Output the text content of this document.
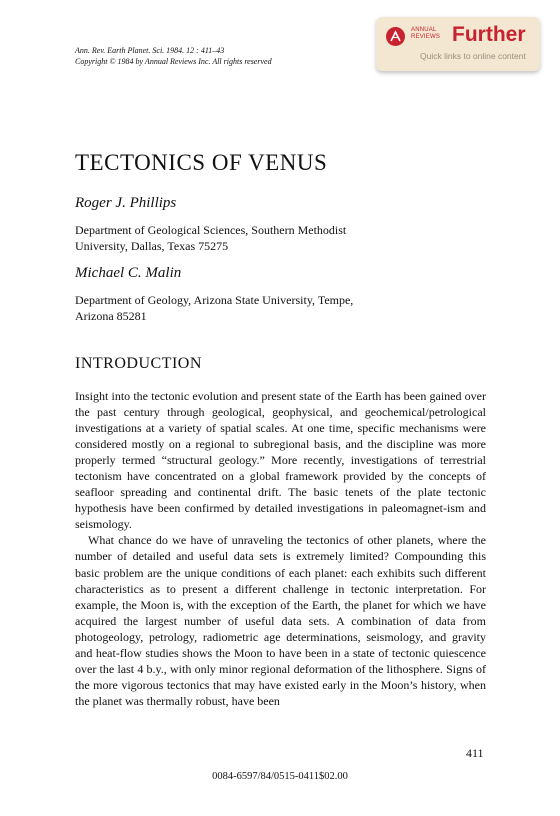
Ann. Rev. Earth Planet. Sci. 1984. 12 : 411–43
Copyright © 1984 by Annual Reviews Inc. All rights reserved
ANNUAL
REVIEWS Further
Quick links to online content
TECTONICS OF VENUS
Roger J. Phillips
Department of Geological Sciences, Southern Methodist
University, Dallas, Texas 75275
Michael C. Malin
Department of Geology, Arizona State University, Tempe,
Arizona 85281
INTRODUCTION

Insight into the tectonic evolution and present state of the Earth has been gained over the past century through geological, geophysical, and geochemical/petrological investigations at a variety of spatial scales. At one time, specific mechanisms were considered mostly on a regional to subregional basis, and the discipline was more properly termed “structural geology.” More recently, investigations of terrestrial tectonism have concentrated on a global framework provided by the concepts of seafloor spreading and continental drift. The basic tenets of the plate tectonic hypothesis have been confirmed by detailed investigations in paleomagnet-ism and seismology.

What chance do we have of unraveling the tectonics of other planets, where the number of detailed and useful data sets is extremely limited? Compounding this basic problem are the unique conditions of each planet: each exhibits such different characteristics as to present a different challenge in tectonic interpretation. For example, the Moon is, with the exception of the Earth, the planet for which we have acquired the largest number of useful data sets. A combination of data from photogeology, petrology, radiometric age determinations, seismology, and gravity and heat-flow studies shows the Moon to have been in a state of tectonic quiescence over the last 4 b.y., with only minor regional deformation of the lithosphere. Signs of the more vigorous tectonics that may have existed early in the Moon’s history, when the planet was thermally robust, have been

411
0084-6597/84/0515-0411$02.00
